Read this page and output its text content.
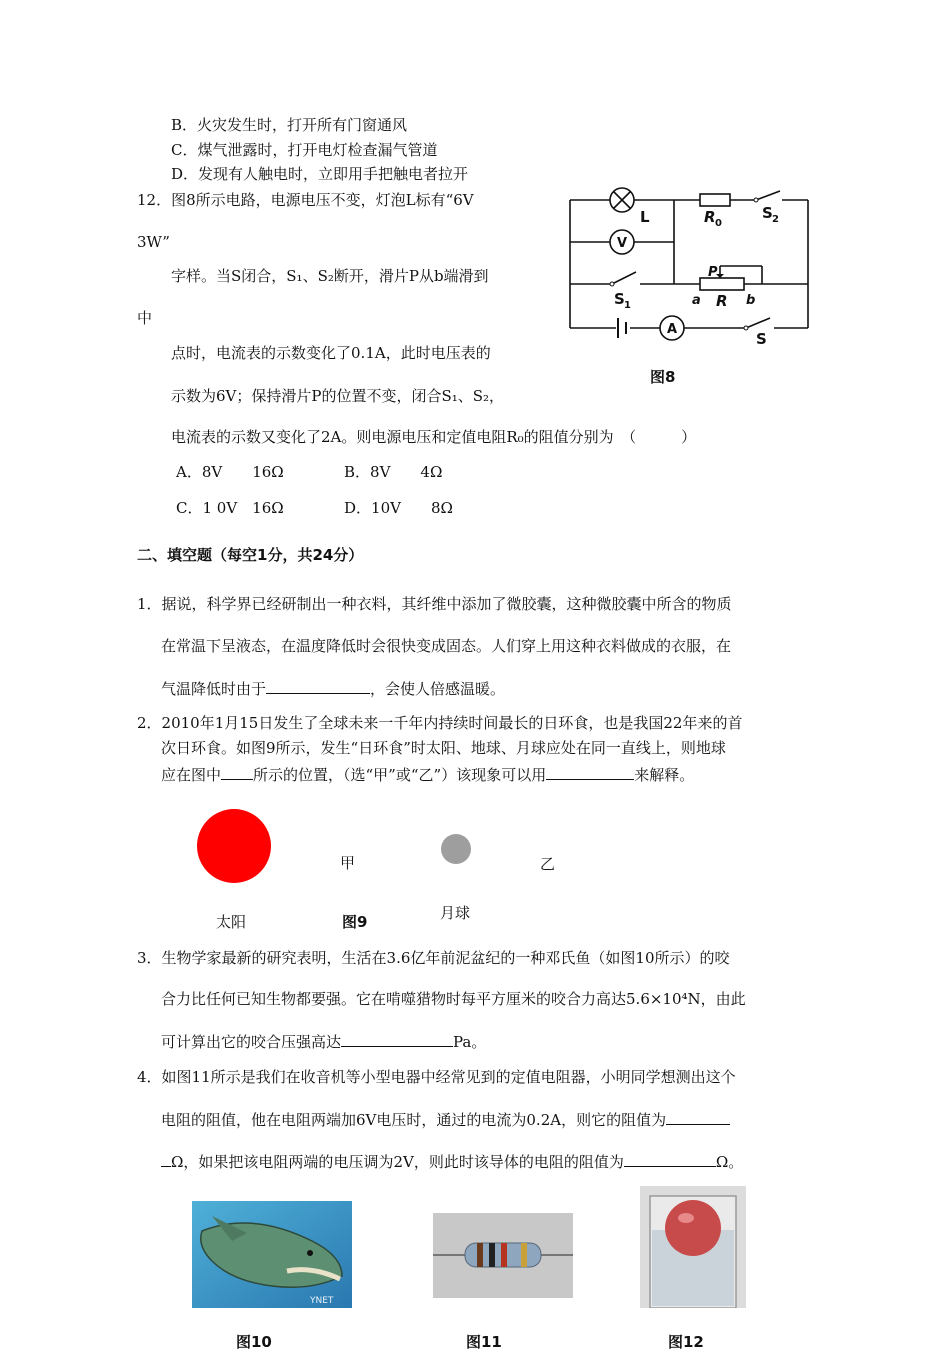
B．火灾发生时，打开所有门窗通风
C．煤气泄露时，打开电灯检查漏气管道
D．发现有人触电时，立即用手把触电者拉开
12．图8所示电路，电源电压不变，灯泡L标有“6V
3W”
字样。当S闭合，S₁、S₂断开，滑片P从b端滑到
中
点时，电流表的示数变化了0.1A，此时电压表的
示数为6V；保持滑片P的位置不变，闭合S₁、S₂，
电流表的示数又变化了2A。则电源电压和定值电阻R₀的阻值分别为　（　　　）
A．8V　　16Ω	B．8V　　4Ω
C．1 0V　16Ω	D．10V　　8Ω
L	R 0
S 2
V
P
S 1	a R b
A
S
图8
二、填空题（每空1分，共24分）
1．据说，科学界已经研制出一种衣料，其纤维中添加了微胶囊，这种微胶囊中所含的物质
在常温下呈液态，在温度降低时会很快变成固态。人们穿上用这种衣料做成的衣服，在
气温降低时由于	，会使人倍感温暖。
2．2010年1月15日发生了全球未来一千年内持续时间最长的日环食，也是我国22年来的首
次日环食。如图9所示，发生“日环食”时太阳、地球、月球应处在同一直线上，则地球
应在图中 所示的位置，（选“甲”或“乙”）该现象可以用	来解释。
甲	乙
太阳	图9	月球
3．生物学家最新的研究表明，生活在3.6亿年前泥盆纪的一种邓氏鱼（如图10所示）的咬
合力比任何已知生物都要强。它在啃噬猎物时每平方厘米的咬合力高达5.6×10⁴N，由此
可计算出它的咬合压强高达	Pa。
4．如图11所示是我们在收音机等小型电器中经常见到的定值电阻器，小明同学想测出这个
电阻的阻值，他在电阻两端加6V电压时，通过的电流为0.2A，则它的阻值为
Ω，如果把该电阻两端的电压调为2V，则此时该导体的电阻的阻值为	Ω。
YNET
图10	图11	图12
